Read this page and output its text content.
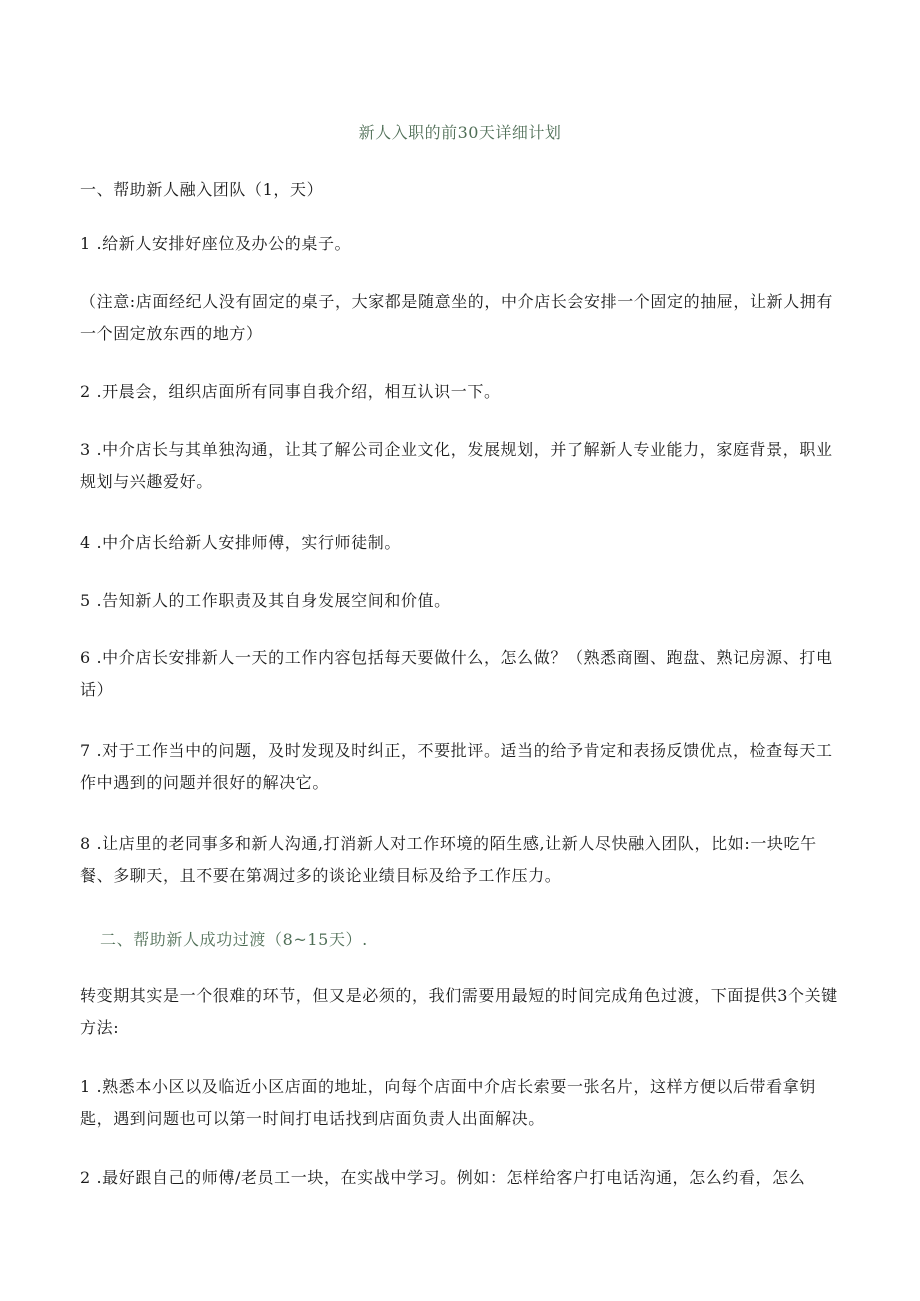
新人入职的前30天详细计划

一、帮助新人融入团队（1，天）

1 .给新人安排好座位及办公的桌子。

（注意:店面经纪人没有固定的桌子，大家都是随意坐的，中介店长会安排一个固定的抽屉，让新人拥有一个固定放东西的地方）

2 .开晨会，组织店面所有同事自我介绍，相互认识一下。

3 .中介店长与其单独沟通，让其了解公司企业文化，发展规划，并了解新人专业能力，家庭背景，职业规划与兴趣爱好。

4 .中介店长给新人安排师傅，实行师徒制。

5 .告知新人的工作职责及其自身发展空间和价值。

6 .中介店长安排新人一天的工作内容包括每天要做什么，怎么做？（熟悉商圈、跑盘、熟记房源、打电话）

7 .对于工作当中的问题，及时发现及时纠正，不要批评。适当的给予肯定和表扬反馈优点，检查每天工作中遇到的问题并很好的解决它。

8 .让店里的老同事多和新人沟通,打消新人对工作环境的陌生感,让新人尽快融入团队，比如:一块吃午餐、多聊天，且不要在第凋过多的谈论业绩目标及给予工作压力。

二、帮助新人成功过渡（8~15天）.

转变期其实是一个很难的环节，但又是必须的，我们需要用最短的时间完成角色过渡，下面提供3个关键方法:

1 .熟悉本小区以及临近小区店面的地址，向每个店面中介店长索要一张名片，这样方便以后带看拿钥匙，遇到问题也可以第一时间打电话找到店面负责人出面解决。

2 .最好跟自己的师傅/老员工一块，在实战中学习。例如：怎样给客户打电话沟通，怎么约看，怎么
